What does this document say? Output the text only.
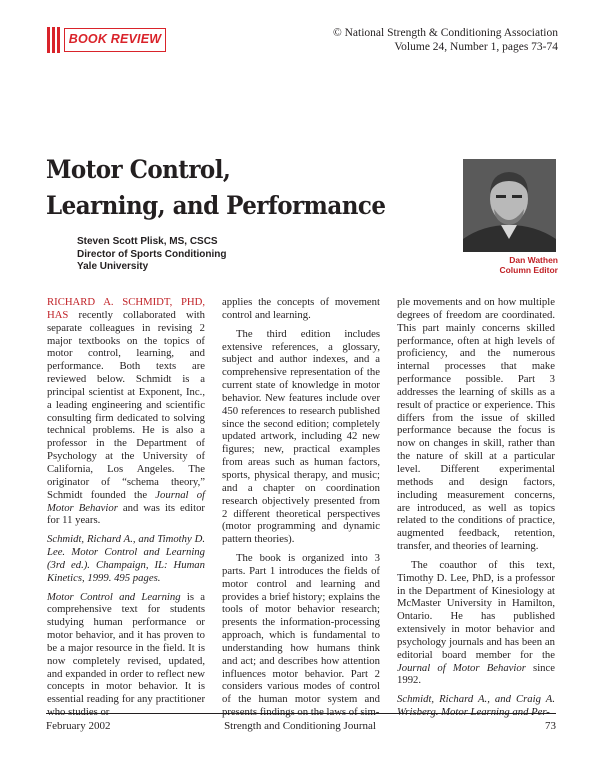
BOOK REVIEW	© National Strength & Conditioning Association
Volume 24, Number 1, pages 73-74
Motor Control,
Learning, and Performance
Steven Scott Plisk, MS, CSCS
Director of Sports Conditioning
Yale University
Dan Wathen
Column Editor

RICHARD A. SCHMIDT, PHD, HAS recently collaborated with separate colleagues in revising 2 major textbooks on the topics of motor control, learning, and performance. Both texts are reviewed below. Schmidt is a principal scientist at Exponent, Inc., a leading engineering and scientific consulting firm dedicated to solving technical problems. He is also a professor in the Department of Psychology at the University of California, Los Angeles. The originator of “schema theory,” Schmidt founded the Journal of Motor Behavior and was its editor for 11 years.

Schmidt, Richard A., and Timothy D. Lee. Motor Control and Learning (3rd ed.). Champaign, IL: Human Kinetics, 1999. 495 pages.

Motor Control and Learning is a comprehensive text for students studying human performance or motor behavior, and it has proven to be a major resource in the field. It is now completely revised, updated, and expanded in order to reflect new concepts in motor behavior. It is essential reading for any practitioner

applies the concepts of movement control and learning.

The third edition includes extensive references, a glossary, subject and author indexes, and a comprehensive representation of the current state of knowledge in motor behavior. New features include over 450 references to research published since the second edition; completely updated artwork, including 42 new figures; new, practical examples from areas such as human factors, sports, physical therapy, and music; and a chapter on coordination research objectively presented from 2 different theoretical perspectives (motor programming and dynamic pattern theories).

The book is organized into 3 parts. Part 1 introduces the fields of motor control and learning and provides a brief history; explains the tools of motor behavior research; presents the information-processing approach, which is fundamental to understanding how humans think and act; and describes how attention influences motor behavior. Part 2 considers various modes of control of the human motor system and

ple movements and on how multiple degrees of freedom are coordinated. This part mainly concerns skilled performance, often at high levels of proficiency, and the numerous internal processes that make performance possible. Part 3 addresses the learning of skills as a result of practice or experience. This differs from the issue of skilled performance because the focus is now on changes in skill, rather than the nature of skill at a particular level. Different experimental methods and design factors, including measurement concerns, are introduced, as well as topics related to the conditions of practice, augmented feedback, retention, transfer, and theories of learning.

The coauthor of this text, Timothy D. Lee, PhD, is a professor in the Department of Kinesiology at McMaster University in Hamilton, Ontario. He has published extensively in motor behavior and psychology journals and has been an editorial board member for the Journal of Motor Behavior since 1992.

Schmidt, Richard A., and Craig A.

February 2002	Strength and Conditioning Journal	73
